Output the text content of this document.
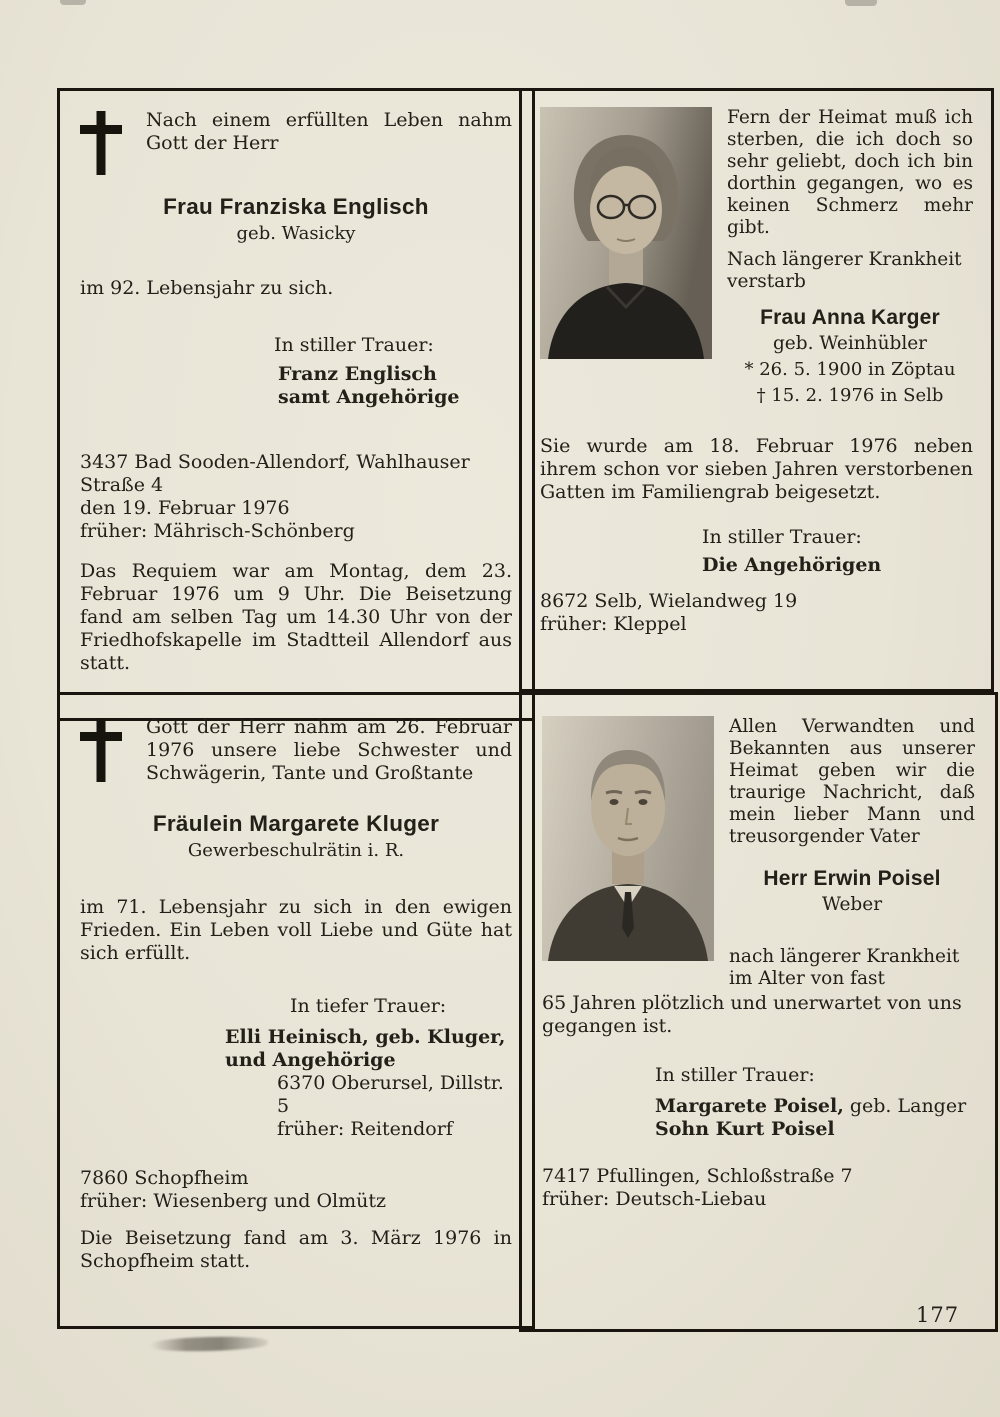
Nach einem erfüllten Leben nahm Gott der Herr

Frau Franziska Englisch

geb. Wasicky

im 92. Lebensjahr zu sich.

In stiller Trauer:

Franz Englisch

samt Angehörige

3437 Bad Sooden-Allendorf, Wahlhauser Straße 4

den 19. Februar 1976

früher: Mährisch-Schönberg

Das Requiem war am Montag, dem 23. Februar 1976 um 9 Uhr. Die Beisetzung fand am selben Tag um 14.30 Uhr von der Friedhofskapelle im Stadtteil Allendorf aus statt.

Fern der Heimat muß ich sterben, die ich doch so sehr geliebt, doch ich bin dorthin gegangen, wo es keinen Schmerz mehr gibt.

Nach längerer Krankheit verstarb

Frau Anna Karger

geb. Weinhübler

* 26. 5. 1900 in Zöptau

† 15. 2. 1976 in Selb

Sie wurde am 18. Februar 1976 neben ihrem schon vor sieben Jahren verstorbenen Gatten im Familiengrab beigesetzt.

In stiller Trauer:

Die Angehörigen

8672 Selb, Wielandweg 19

früher: Kleppel

Gott der Herr nahm am 26. Februar 1976 unsere liebe Schwester und Schwägerin, Tante und Großtante

Fräulein Margarete Kluger

Gewerbeschulrätin i. R.

im 71. Lebensjahr zu sich in den ewigen Frieden. Ein Leben voll Liebe und Güte hat sich erfüllt.

In tiefer Trauer:

Elli Heinisch, geb. Kluger,

und Angehörige

6370 Oberursel, Dillstr. 5

früher: Reitendorf

7860 Schopfheim

früher: Wiesenberg und Olmütz

Die Beisetzung fand am 3. März 1976 in Schopfheim statt.

Allen Verwandten und Bekannten aus unserer Heimat geben wir die traurige Nachricht, daß mein lieber Mann und treusorgender Vater

Herr Erwin Poisel

Weber

nach längerer Krankheit im Alter von fast

65 Jahren plötzlich und unerwartet von uns gegangen ist.

In stiller Trauer:

Margarete Poisel, geb. Langer

Sohn Kurt Poisel

7417 Pfullingen, Schloßstraße 7

früher: Deutsch-Liebau

177
